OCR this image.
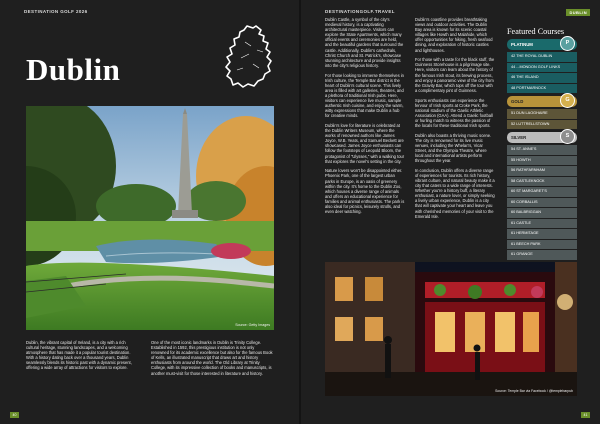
DESTINATION GOLF 2026
Dublin
Source: Getty Images

Dublin, the vibrant capital of Ireland, is a city with a rich cultural heritage, stunning landscapes, and a welcoming atmosphere that has made it a popular tourist destination. With a history dating back over a thousand years, Dublin seamlessly blends its historic past with a dynamic present, offering a wide array of attractions for visitors to explore.

One of the most iconic landmarks in Dublin is Trinity College. Established in 1592, this prestigious institution is not only renowned for its academic excellence but also for the famous Book of Kells, an illustrated manuscript that draws art and history enthusiasts from around the world. The Old Library at Trinity College, with its impressive collection of books and manuscripts, is another must-visit for those interested in literature and history.

40
DESTINATIONGOLF.TRAVEL	DUBLIN

Dublin Castle, a symbol of the city's medieval history, is a captivating architectural masterpiece. Visitors can explore the State Apartments, which many official events and ceremonies are held, and the beautiful gardens that surround the castle. Additionally, Dublin's cathedrals, Christ Church and St. Patrick's, showcase stunning architecture and provide insights into the city's religious history.

For those looking to immerse themselves in Irish culture, the Temple Bar district is the heart of Dublin's cultural scene. This lively area is filled with art galleries, theatres, and a plethora of traditional Irish pubs. Here, visitors can experience live music, sample authentic Irish cuisine, and enjoy the warm, witty expressions that make Dublin a hub for creative minds.

Dublin's love for literature is celebrated at the Dublin Writers Museum, where the works of renowned authors like James Joyce, W.B. Yeats, and Samuel Beckett are showcased. James Joyce enthusiasts can follow the footsteps of Leopold Bloom, the protagonist of "Ulysses," with a walking tour that explores the novel's setting in the city.

Nature lovers won't be disappointed either. Phoenix Park, one of the largest urban parks in Europe, is an oasis of greenery within the city. It's home to the Dublin Zoo, which houses a diverse range of animals and offers an educational experience for families and animal enthusiasts. The park is also ideal for picnics, leisurely strolls, and even deer watching.

Dublin's coastline provides breathtaking views and outdoor activities. The Dublin Bay area is known for its scenic coastal villages like Howth and Malahide, which offer opportunities for hiking, fresh seafood dining, and exploration of historic castles and lighthouses.

For those with a taste for the black stuff, the Guinness Storehouse is a pilgrimage site. Here, visitors can learn about the history of the famous Irish stout, its brewing process, and enjoy a panoramic view of the city from the Gravity Bar, which tops off the tour with a complimentary pint of Guinness.

Sports enthusiasts can experience the fervour of Irish sports at Croke Park, the national stadium of the Gaelic Athletic Association (GAA). Attend a Gaelic football or hurling match to witness the passion of the locals for these traditional Irish sports.

Dublin also boasts a thriving music scene. The city is renowned for its live music venues, including the Whelan's, Vicar Street, and the Olympia Theatre, where local and international artists perform throughout the year.

In conclusion, Dublin offers a diverse range of experiences for tourists. Its rich history, vibrant culture, and natural beauty make it a city that caters to a wide range of interests. Whether you're a history buff, a literary enthusiast, a nature lover, or simply seeking a lively urban experience, Dublin is a city that will captivate your heart and leave you with cherished memories of your visit to the Emerald Isle.

Featured Courses
PLATINUM	P
42 THE ROYAL DUBLIN
44 ...MONDON GOLF LINKS
46 THE ISLAND
48 PORTMARNOCK
GOLD	G
51 DUN LAOGHAIRE
52 LUTTRELLSTOWN
SILVER	S
54 ST. ANNE'S
55 HOWTH
56 RATHFARNHAM
58 CASTLEKNOCK
60 ST MARGARET'S
60 CORBALLIS
60 BALBRIGGAN
61 CASTLE
61 HERMITAGE
61 BEECH PARK
61 GRANGE
Source: Temple Bar via Facebook / @templebarpub
41
